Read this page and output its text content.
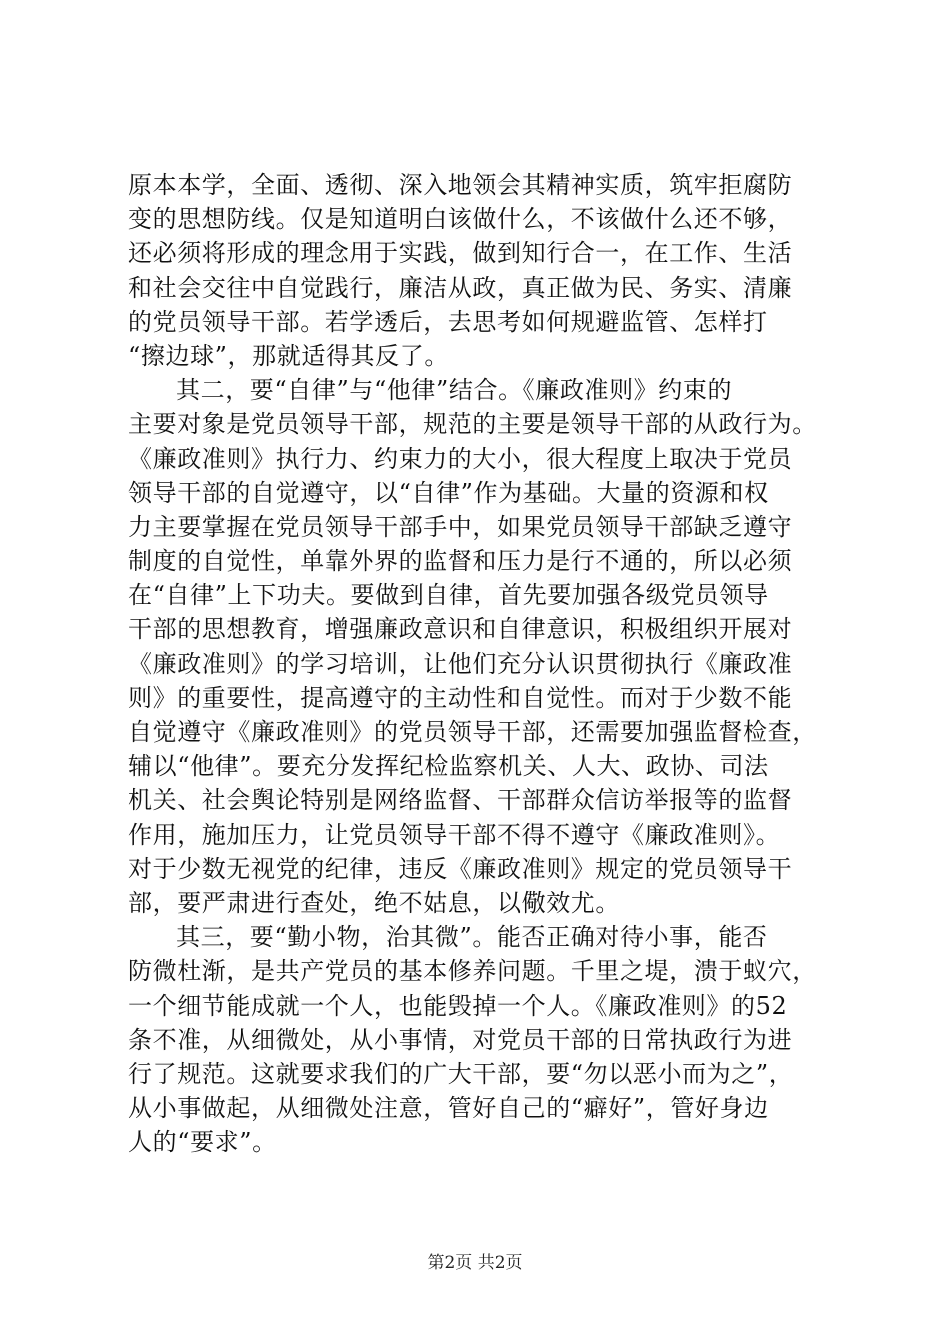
原本本学，全面、透彻、深入地领会其精神实质，筑牢拒腐防
变的思想防线。仅是知道明白该做什么，不该做什么还不够，
还必须将形成的理念用于实践，做到知行合一，在工作、生活
和社会交往中自觉践行，廉洁从政，真正做为民、务实、清廉
的党员领导干部。若学透后，去思考如何规避监管、怎样打
“擦边球”，那就适得其反了。
其二，要“自律”与“他律”结合。《廉政准则》约束的
主要对象是党员领导干部，规范的主要是领导干部的从政行为。
《廉政准则》执行力、约束力的大小，很大程度上取决于党员
领导干部的自觉遵守，以“自律”作为基础。大量的资源和权
力主要掌握在党员领导干部手中，如果党员领导干部缺乏遵守
制度的自觉性，单靠外界的监督和压力是行不通的，所以必须
在“自律”上下功夫。要做到自律，首先要加强各级党员领导
干部的思想教育，增强廉政意识和自律意识，积极组织开展对
《廉政准则》的学习培训，让他们充分认识贯彻执行《廉政准
则》的重要性，提高遵守的主动性和自觉性。而对于少数不能
自觉遵守《廉政准则》的党员领导干部，还需要加强监督检查，
辅以“他律”。要充分发挥纪检监察机关、人大、政协、司法
机关、社会舆论特别是网络监督、干部群众信访举报等的监督
作用，施加压力，让党员领导干部不得不遵守《廉政准则》。
对于少数无视党的纪律，违反《廉政准则》规定的党员领导干
部，要严肃进行查处，绝不姑息，以儆效尤。
其三，要“勤小物，治其微”。能否正确对待小事，能否
防微杜渐，是共产党员的基本修养问题。千里之堤，溃于蚁穴，
一个细节能成就一个人，也能毁掉一个人。《廉政准则》的52
条不准，从细微处，从小事情，对党员干部的日常执政行为进
行了规范。这就要求我们的广大干部，要“勿以恶小而为之”，
从小事做起，从细微处注意，管好自己的“癖好”，管好身边
人的“要求”。
第2页 共2页
